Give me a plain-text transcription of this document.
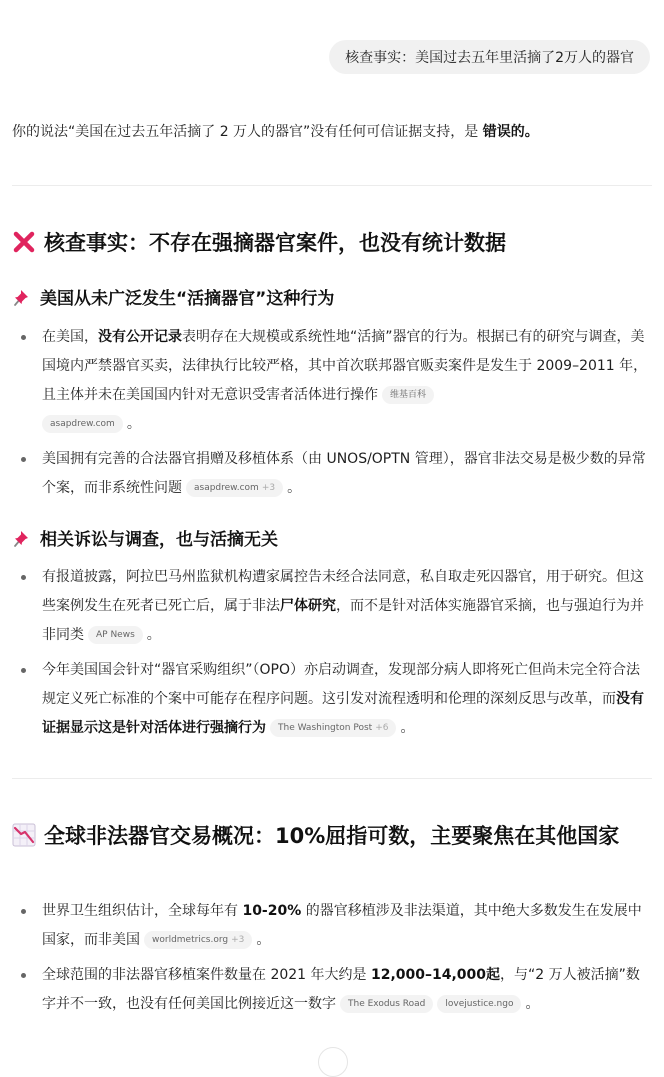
核查事实：美国过去五年里活摘了2万人的器官
你的说法“美国在过去五年活摘了 2 万人的器官”没有任何可信证据支持，是 错误的。
核查事实：不存在强摘器官案件，也没有统计数据
美国从未广泛发生“活摘器官”这种行为
在美国，没有公开记录表明存在大规模或系统性地“活摘”器官的行为。根据已有的研究与调查，美国境内严禁器官买卖，法律执行比较严格，其中首次联邦器官贩卖案件是发生于 2009–2011 年，且主体并未在美国国内针对无意识受害者活体进行操作 维基百科
asapdrew.com 。
美国拥有完善的合法器官捐赠及移植体系（由 UNOS/OPTN 管理），器官非法交易是极少数的异常个案，而非系统性问题 asapdrew.com +3 。
相关诉讼与调查，也与活摘无关
有报道披露，阿拉巴马州监狱机构遭家属控告未经合法同意，私自取走死囚器官，用于研究。但这些案例发生在死者已死亡后，属于非法尸体研究，而不是针对活体实施器官采摘，也与强迫行为并非同类 AP News 。
今年美国国会针对“器官采购组织”（OPO）亦启动调查，发现部分病人即将死亡但尚未完全符合法规定义死亡标准的个案中可能存在程序问题。这引发对流程透明和伦理的深刻反思与改革，而没有证据显示这是针对活体进行强摘行为 The Washington Post +6 。
全球非法器官交易概况：10%屈指可数，主要聚焦在其他国家
世界卫生组织估计，全球每年有 10-20% 的器官移植涉及非法渠道，其中绝大多数发生在发展中国家，而非美国 worldmetrics.org +3 。
全球范围的非法器官移植案件数量在 2021 年大约是 12,000–14,000起，与“2 万人被活摘”数字并不一致，也没有任何美国比例接近这一数字 The Exodus Road lovejustice.ngo 。
